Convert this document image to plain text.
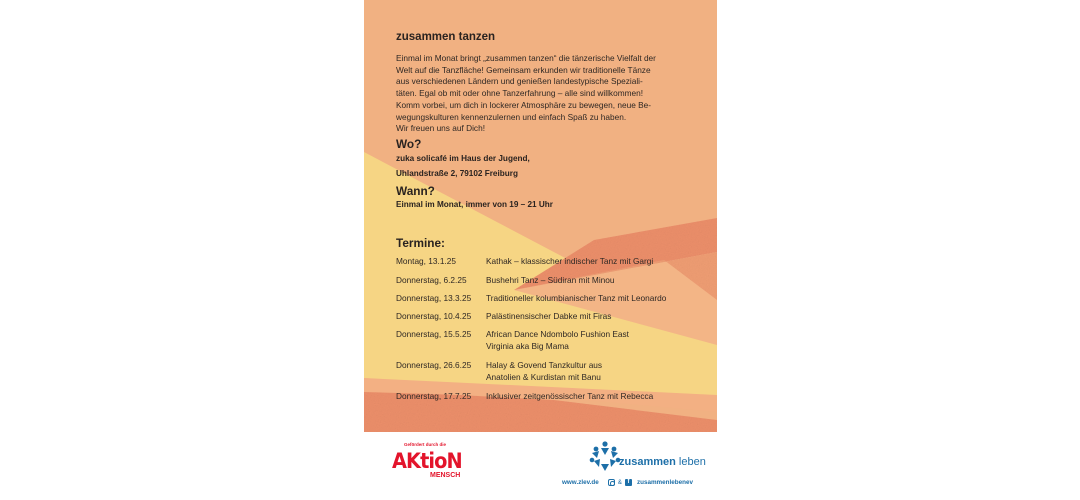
zusammen tanzen
Einmal im Monat bringt „zusammen tanzen“ die tänzerische Vielfalt der
Welt auf die Tanzfläche! Gemeinsam erkunden wir traditionelle Tänze
aus verschiedenen Ländern und genießen landestypische Speziali-
täten. Egal ob mit oder ohne Tanzerfahrung – alle sind willkommen!
Komm vorbei, um dich in lockerer Atmosphäre zu bewegen, neue Be-
wegungskulturen kennenzulernen und einfach Spaß zu haben.
Wir freuen uns auf Dich!
Wo?
zuka solicafé im Haus der Jugend,
Uhlandstraße 2, 79102 Freiburg
Wann?
Einmal im Monat, immer von 19 – 21 Uhr
Termine:
Montag, 13.1.25	Kathak – klassischer indischer Tanz mit Gargi
Donnerstag, 6.2.25	Bushehri Tanz – Südiran mit Minou
Donnerstag, 13.3.25	Traditioneller kolumbianischer Tanz mit Leonardo
Donnerstag, 10.4.25	Palästinensischer Dabke mit Firas
Donnerstag, 15.5.25	African Dance Ndombolo Fushion East
Virginia aka Big Mama
Donnerstag, 26.6.25	Halay & Govend Tanzkultur aus
Anatolien & Kurdistan mit Banu
Donnerstag, 17.7.25	Inklusiver zeitgenössischer Tanz mit Rebecca
Gefördert durch die
AKtioN
MENSCH
zusammen leben
www.zlev.de	& f	zusammenlebenev
